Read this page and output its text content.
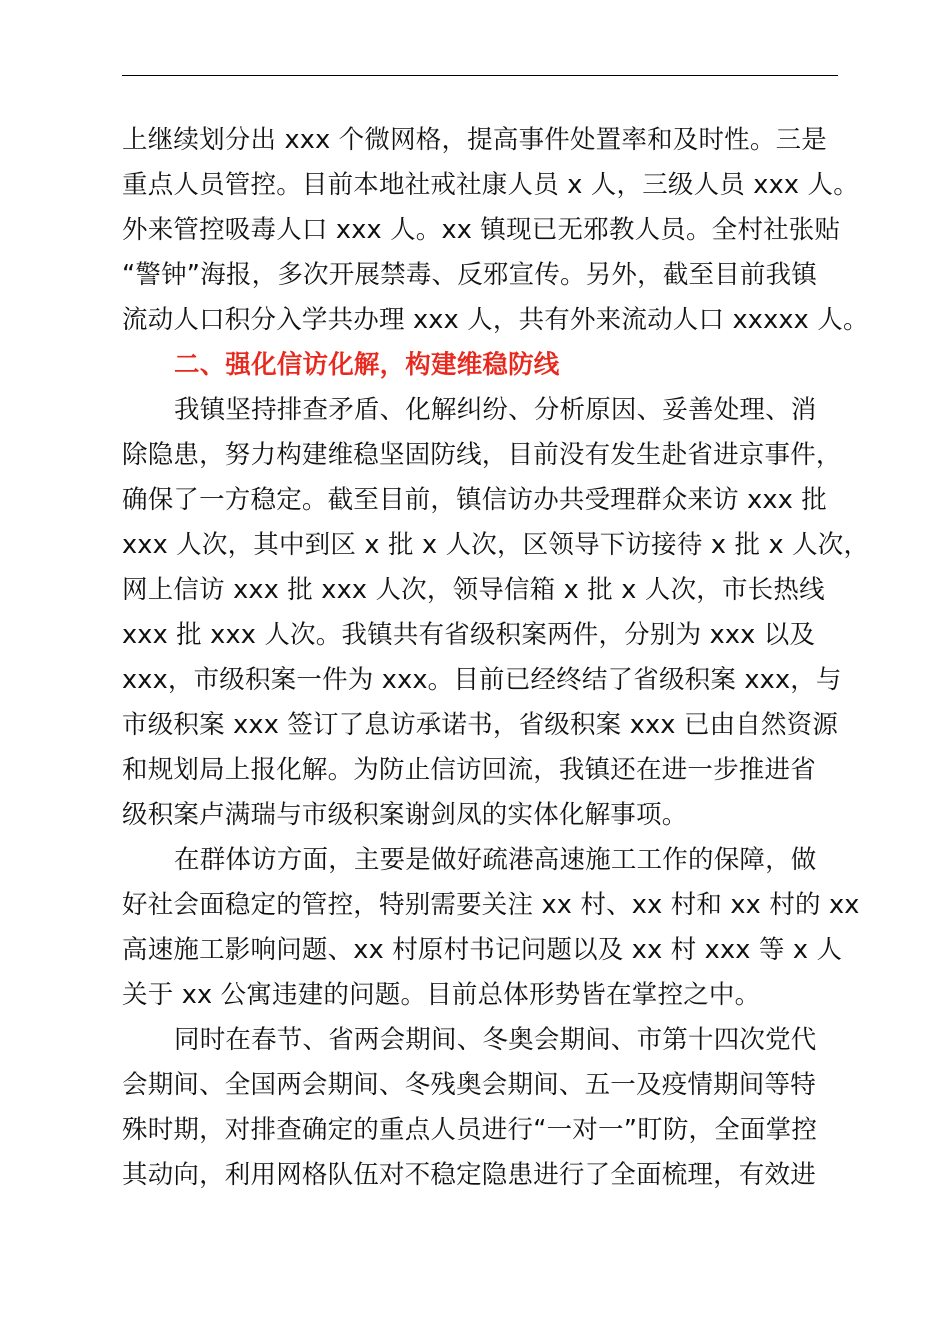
上继续划分出 xxx 个微网格，提高事件处置率和及时性。三是
重点人员管控。目前本地社戒社康人员 x 人，三级人员 xxx 人。
外来管控吸毒人口 xxx 人。xx 镇现已无邪教人员。全村社张贴
“警钟”海报，多次开展禁毒、反邪宣传。另外，截至目前我镇
流动人口积分入学共办理 xxx 人，共有外来流动人口 xxxxx 人。
二、强化信访化解，构建维稳防线
我镇坚持排查矛盾、化解纠纷、分析原因、妥善处理、消
除隐患，努力构建维稳坚固防线，目前没有发生赴省进京事件，
确保了一方稳定。截至目前，镇信访办共受理群众来访 xxx 批
xxx 人次，其中到区 x 批 x 人次，区领导下访接待 x 批 x 人次，
网上信访 xxx 批 xxx 人次，领导信箱 x 批 x 人次，市长热线
xxx 批 xxx 人次。我镇共有省级积案两件，分别为 xxx 以及
xxx，市级积案一件为 xxx。目前已经终结了省级积案 xxx，与
市级积案 xxx 签订了息访承诺书，省级积案 xxx 已由自然资源
和规划局上报化解。为防止信访回流，我镇还在进一步推进省
级积案卢满瑞与市级积案谢剑凤的实体化解事项。
在群体访方面，主要是做好疏港高速施工工作的保障，做
好社会面稳定的管控，特别需要关注 xx 村、xx 村和 xx 村的 xx
高速施工影响问题、xx 村原村书记问题以及 xx 村 xxx 等 x 人
关于 xx 公寓违建的问题。目前总体形势皆在掌控之中。
同时在春节、省两会期间、冬奥会期间、市第十四次党代
会期间、全国两会期间、冬残奥会期间、五一及疫情期间等特
殊时期，对排查确定的重点人员进行“一对一”盯防，全面掌控
其动向，利用网格队伍对不稳定隐患进行了全面梳理，有效进
